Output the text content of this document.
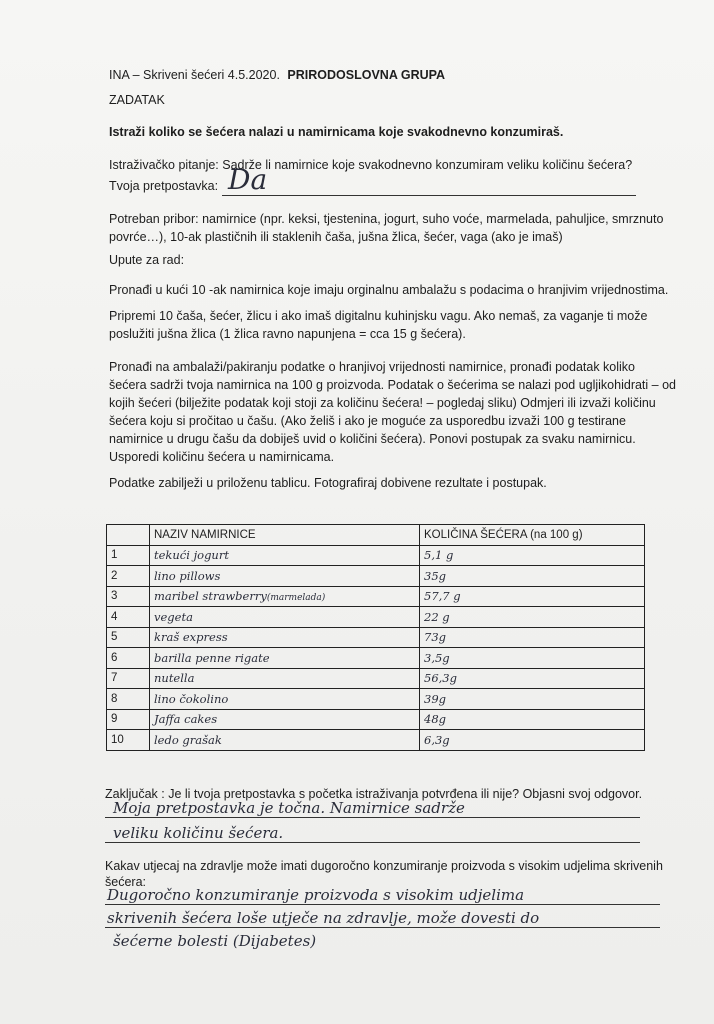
INA – Skriveni šećeri 4.5.2020. PRIRODOSLOVNA GRUPA
ZADATAK
Istraži koliko se šećera nalazi u namirnicama koje svakodnevno konzumiraš.
Istraživačko pitanje: Sadrže li namirnice koje svakodnevno konzumiram veliku količinu šećera?
Tvoja pretpostavka: Da
Potreban pribor: namirnice (npr. keksi, tjestenina, jogurt, suho voće, marmelada, pahuljice, smrznuto
povrće…), 10-ak plastičnih ili staklenih čaša, jušna žlica, šećer, vaga (ako je imaš)
Upute za rad:
Pronađi u kući 10 -ak namirnica koje imaju orginalnu ambalažu s podacima o hranjivim vrijednostima.
Pripremi 10 čaša, šećer, žlicu i ako imaš digitalnu kuhinjsku vagu. Ako nemaš, za vaganje ti može
poslužiti jušna žlica (1 žlica ravno napunjena = cca 15 g šećera).
Pronađi na ambalaži/pakiranju podatke o hranjivoj vrijednosti namirnice, pronađi podatak koliko
šećera sadrži tvoja namirnica na 100 g proizvoda. Podatak o šećerima se nalazi pod ugljikohidrati – od
kojih šećeri (bilježite podatak koji stoji za količinu šećera! – pogledaj sliku) Odmjeri ili izvaži količinu
šećera koju si pročitao u čašu. (Ako želiš i ako je moguće za usporedbu izvaži 100 g testirane
namirnice u drugu čašu da dobiješ uvid o količini šećera). Ponovi postupak za svaku namirnicu.
Usporedi količinu šećera u namirnicama.
Podatke zabilježi u priloženu tablicu. Fotografiraj dobivene rezultate i postupak.
	NAZIV NAMIRNICE	KOLIČINA ŠEĆERA (na 100 g)
1	tekući jogurt	5,1 g
2	lino pillows	35g
3	maribel strawberry(marmelada)	57,7 g
4	vegeta	22 g
5	kraš express	73g
6	barilla penne rigate	3,5g
7	nutella	56,3g
8	lino čokolino	39g
9	Jaffa cakes	48g
10	ledo grašak	6,3g
Zaključak : Je li tvoja pretpostavka s početka istraživanja potvrđena ili nije? Objasni svoj odgovor.
Moja pretpostavka je točna. Namirnice sadrže
veliku količinu šećera.
Kakav utjecaj na zdravlje može imati dugoročno konzumiranje proizvoda s visokim udjelima skrivenih
šećera:
Dugoročno konzumiranje proizvoda s visokim udjelima
skrivenih šećera loše utječe na zdravlje, može dovesti do
šećerne bolesti (Dijabetes)
